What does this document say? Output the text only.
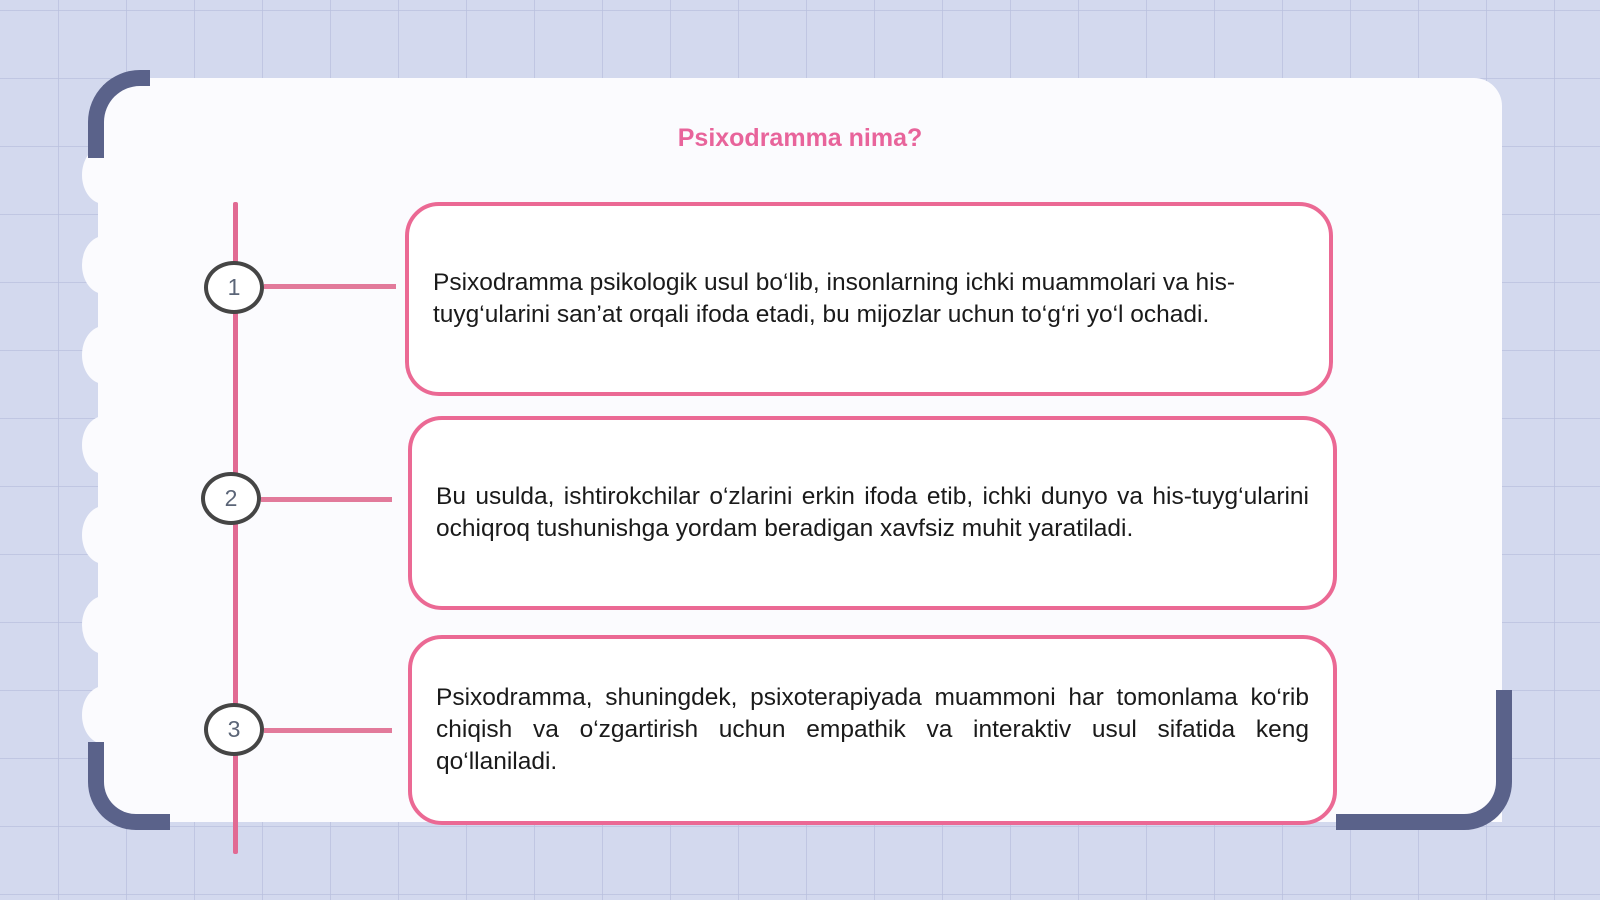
Psixodramma nima?
1	Psixodramma psikologik usul bo‘lib, insonlarning ichki muammolari va his-tuyg‘ularini san’at orqali ifoda etadi, bu mijozlar uchun to‘g‘ri yo‘l ochadi.

2	Bu usulda, ishtirokchilar o‘zlarini erkin ifoda etib, ichki dunyo va his-tuyg‘ularini ochiqroq tushunishga yordam beradigan xavfsiz muhit yaratiladi.

3

Psixodramma, shuningdek, psixoterapiyada muammoni har tomonlama ko‘rib chiqish va o‘zgartirish uchun empathik va interaktiv usul sifatida keng qo‘llaniladi.
